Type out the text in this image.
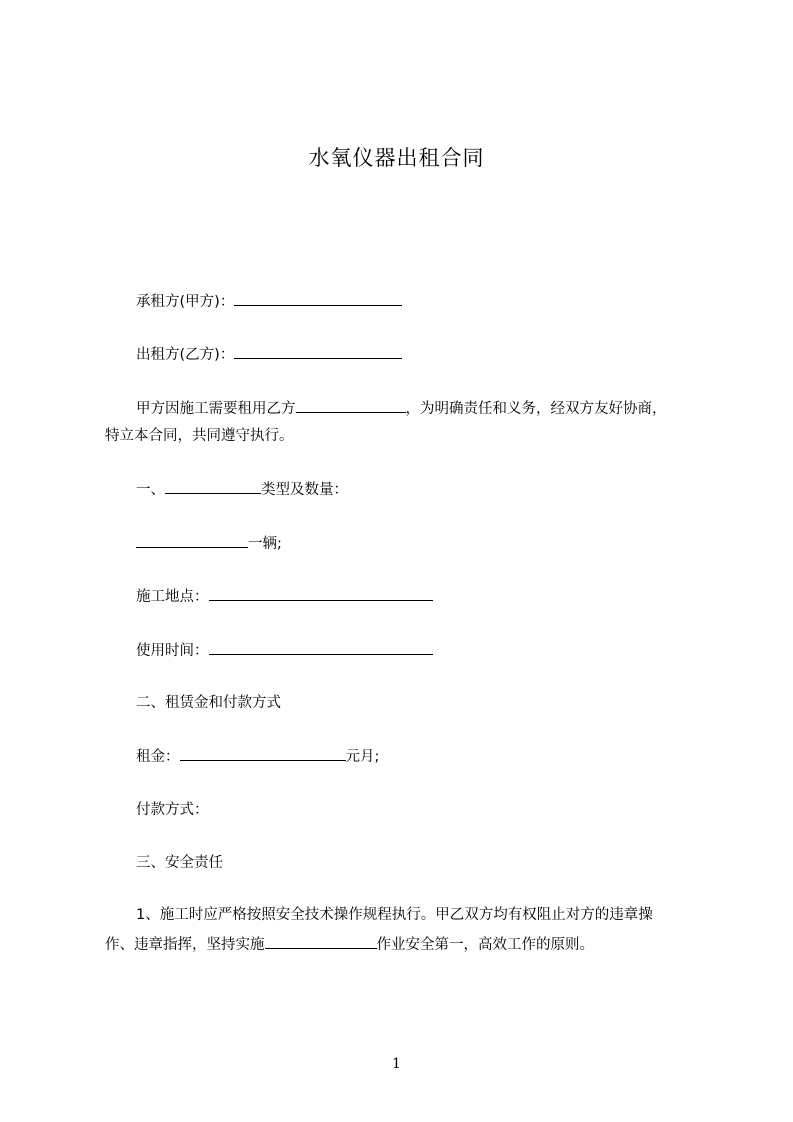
水氧仪器出租合同
承租方(甲方)：
出租方(乙方)：
甲方因施工需要租用乙方	，为明确责任和义务，经双方友好协商，
特立本合同，共同遵守执行。
一、	类型及数量：
一辆;
施工地点：
使用时间：
二、租赁金和付款方式
租金：	元月;
付款方式：
三、安全责任
1、施工时应严格按照安全技术操作规程执行。甲乙双方均有权阻止对方的违章操
作、违章指挥，坚持实施	作业安全第一，高效工作的原则。
1
